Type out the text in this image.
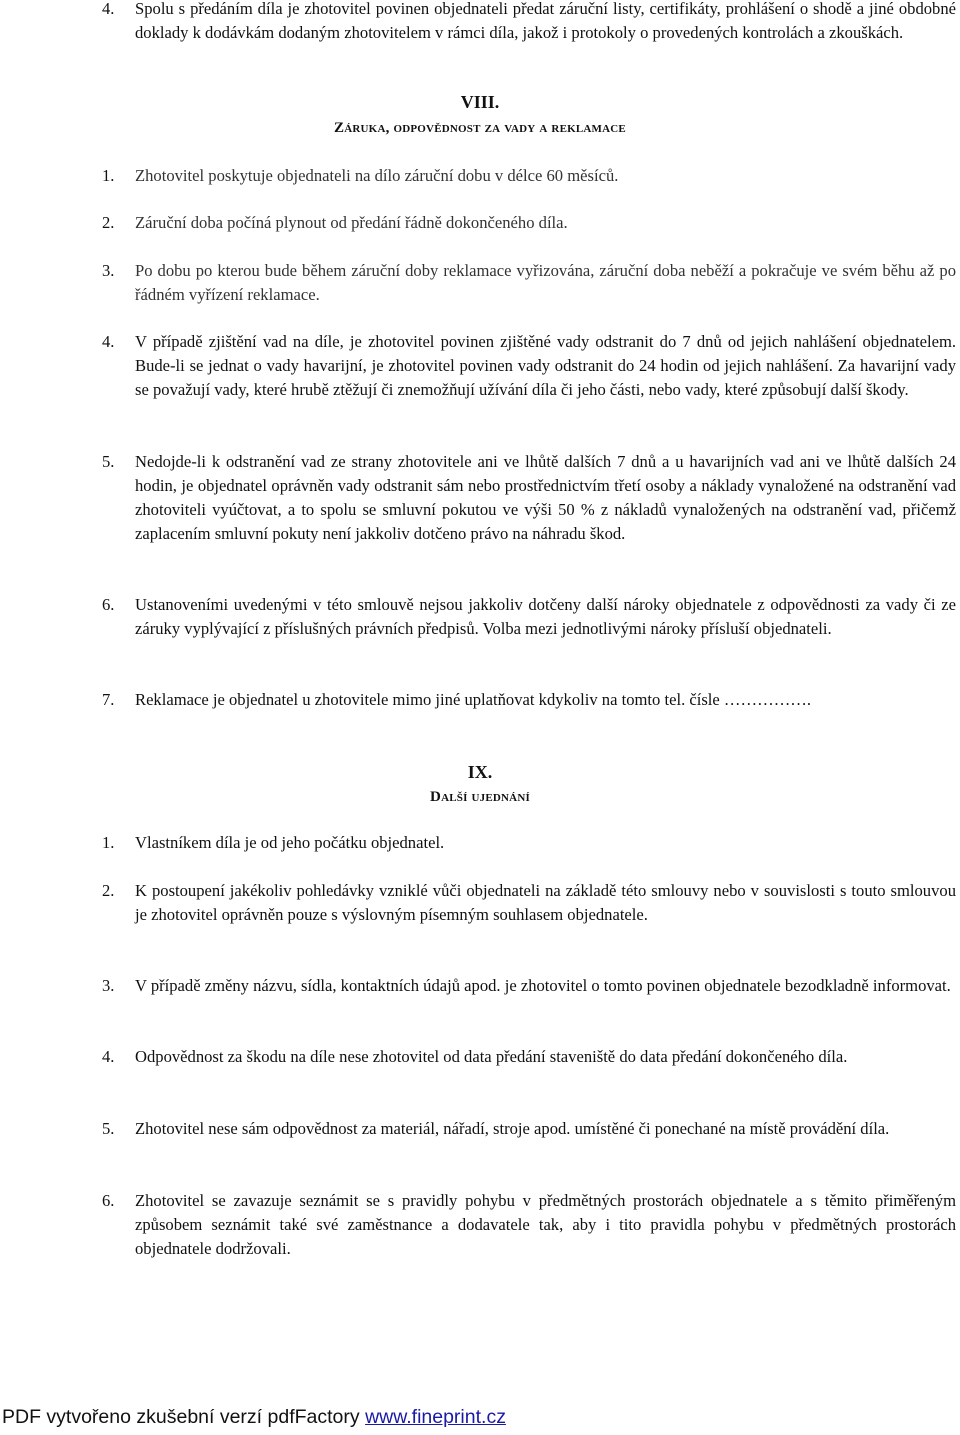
4.	Spolu s předáním díla je zhotovitel povinen objednateli předat záruční listy, certifikáty, prohlášení o shodě a jiné obdobné doklady k dodávkám dodaným zhotovitelem v rámci díla, jakož i protokoly o provedených kontrolách a zkouškách.
VIII.
Záruka, odpovědnost za vady a reklamace
1.	Zhotovitel poskytuje objednateli na dílo záruční dobu v délce 60 měsíců.
2.	Záruční doba počíná plynout od předání řádně dokončeného díla.
3.	Po dobu po kterou bude během záruční doby reklamace vyřizována, záruční doba neběží a pokračuje ve svém běhu až po řádném vyřízení reklamace.
4.	V případě zjištění vad na díle, je zhotovitel povinen zjištěné vady odstranit do 7 dnů od jejich nahlášení objednatelem. Bude-li se jednat o vady havarijní, je zhotovitel povinen vady odstranit do 24 hodin od jejich nahlášení. Za havarijní vady se považují vady, které hrubě ztěžují či znemožňují užívání díla či jeho části, nebo vady, které způsobují další škody.
5.	Nedojde-li k odstranění vad ze strany zhotovitele ani ve lhůtě dalších 7 dnů a u havarijních vad ani ve lhůtě dalších 24 hodin, je objednatel oprávněn vady odstranit sám nebo prostřednictvím třetí osoby a náklady vynaložené na odstranění vad zhotoviteli vyúčtovat, a to spolu se smluvní pokutou ve výši 50 % z nákladů vynaložených na odstranění vad, přičemž zaplacením smluvní pokuty není jakkoliv dotčeno právo na náhradu škod.
6.	Ustanoveními uvedenými v této smlouvě nejsou jakkoliv dotčeny další nároky objednatele z odpovědnosti za vady či ze záruky vyplývající z příslušných právních předpisů. Volba mezi jednotlivými nároky přísluší objednateli.
7.	Reklamace je objednatel u zhotovitele mimo jiné uplatňovat kdykoliv na tomto tel. čísle …………….
IX.
Další ujednání
1.	Vlastníkem díla je od jeho počátku objednatel.
2.	K postoupení jakékoliv pohledávky vzniklé vůči objednateli na základě této smlouvy nebo v souvislosti s touto smlouvou je zhotovitel oprávněn pouze s výslovným písemným souhlasem objednatele.
3.	V případě změny názvu, sídla, kontaktních údajů apod. je zhotovitel o tomto povinen objednatele bezodkladně informovat.
4.	Odpovědnost za škodu na díle nese zhotovitel od data předání staveniště do data předání dokončeného díla.
5.	Zhotovitel nese sám odpovědnost za materiál, nářadí, stroje apod. umístěné či ponechané na místě provádění díla.
6.	Zhotovitel se zavazuje seznámit se s pravidly pohybu v předmětných prostorách objednatele a s těmito přiměřeným způsobem seznámit také své zaměstnance a dodavatele tak, aby i tito pravidla pohybu v předmětných prostorách objednatele dodržovali.
PDF vytvořeno zkušební verzí pdfFactory www.fineprint.cz
